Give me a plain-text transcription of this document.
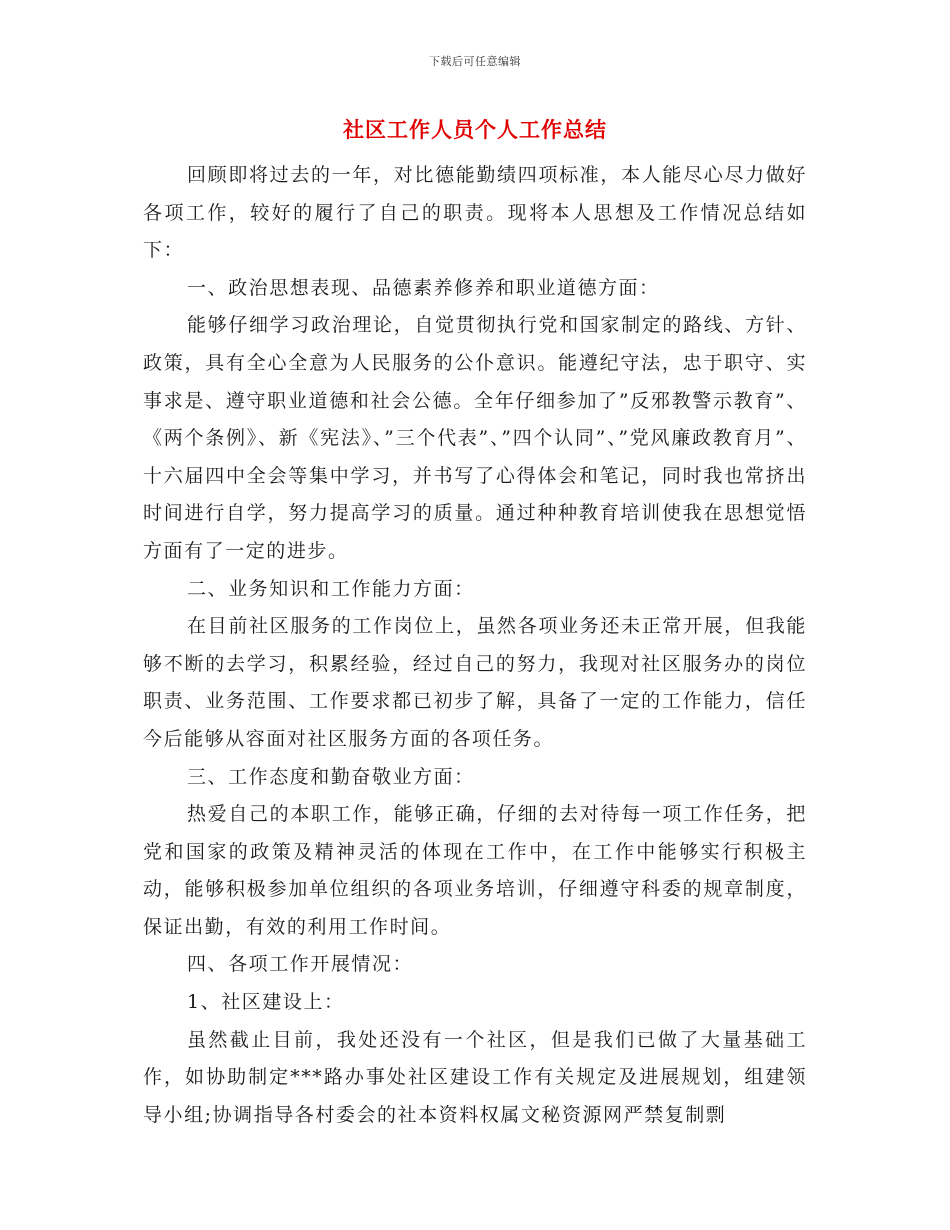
下载后可任意编辑
社区工作人员个人工作总结

回顾即将过去的一年，对比德能勤绩四项标准，本人能尽心尽力做好各项工作，较好的履行了自己的职责。现将本人思想及工作情况总结如下：

一、政治思想表现、品德素养修养和职业道德方面：

能够仔细学习政治理论，自觉贯彻执行党和国家制定的路线、方针、政策，具有全心全意为人民服务的公仆意识。能遵纪守法，忠于职守、实事求是、遵守职业道德和社会公德。全年仔细参加了”反邪教警示教育”、《两个条例》、新《宪法》、”三个代表”、”四个认同”、”党风廉政教育月”、十六届四中全会等集中学习，并书写了心得体会和笔记，同时我也常挤出时间进行自学，努力提高学习的质量。通过种种教育培训使我在思想觉悟方面有了一定的进步。

二、业务知识和工作能力方面：

在目前社区服务的工作岗位上，虽然各项业务还未正常开展，但我能够不断的去学习，积累经验，经过自己的努力，我现对社区服务办的岗位职责、业务范围、工作要求都已初步了解，具备了一定的工作能力，信任今后能够从容面对社区服务方面的各项任务。

三、工作态度和勤奋敬业方面：

热爱自己的本职工作，能够正确，仔细的去对待每一项工作任务，把党和国家的政策及精神灵活的体现在工作中，在工作中能够实行积极主动，能够积极参加单位组织的各项业务培训，仔细遵守科委的规章制度，保证出勤，有效的利用工作时间。

四、各项工作开展情况：

1、社区建设上：

虽然截止目前，我处还没有一个社区，但是我们已做了大量基础工作，如协助制定***路办事处社区建设工作有关规定及进展规划，组建领导小组;协调指导各村委会的社本资料权属文秘资源网严禁复制剽
